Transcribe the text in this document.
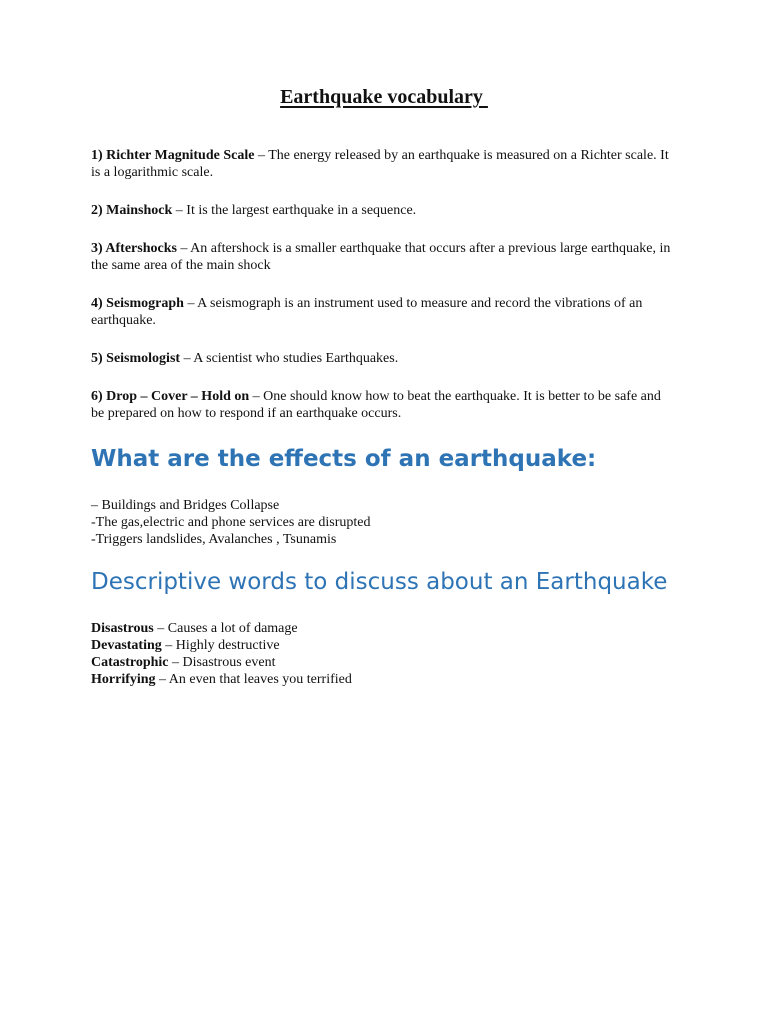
Earthquake vocabulary
1) Richter Magnitude Scale – The energy released by an earthquake is measured on a Richter scale. It is a logarithmic scale.
2) Mainshock – It is the largest earthquake in a sequence.
3) Aftershocks – An aftershock is a smaller earthquake that occurs after a previous large earthquake, in the same area of the main shock
4) Seismograph – A seismograph is an instrument used to measure and record the vibrations of an earthquake.
5) Seismologist – A scientist who studies Earthquakes.
6) Drop – Cover – Hold on – One should know how to beat the earthquake. It is better to be safe and be prepared on how to respond if an earthquake occurs.
What are the effects of an earthquake:
– Buildings and Bridges Collapse
-The gas,electric and phone services are disrupted
-Triggers landslides, Avalanches , Tsunamis
Descriptive words to discuss about an Earthquake
Disastrous – Causes a lot of damage
Devastating – Highly destructive
Catastrophic – Disastrous event
Horrifying – An even that leaves you terrified
